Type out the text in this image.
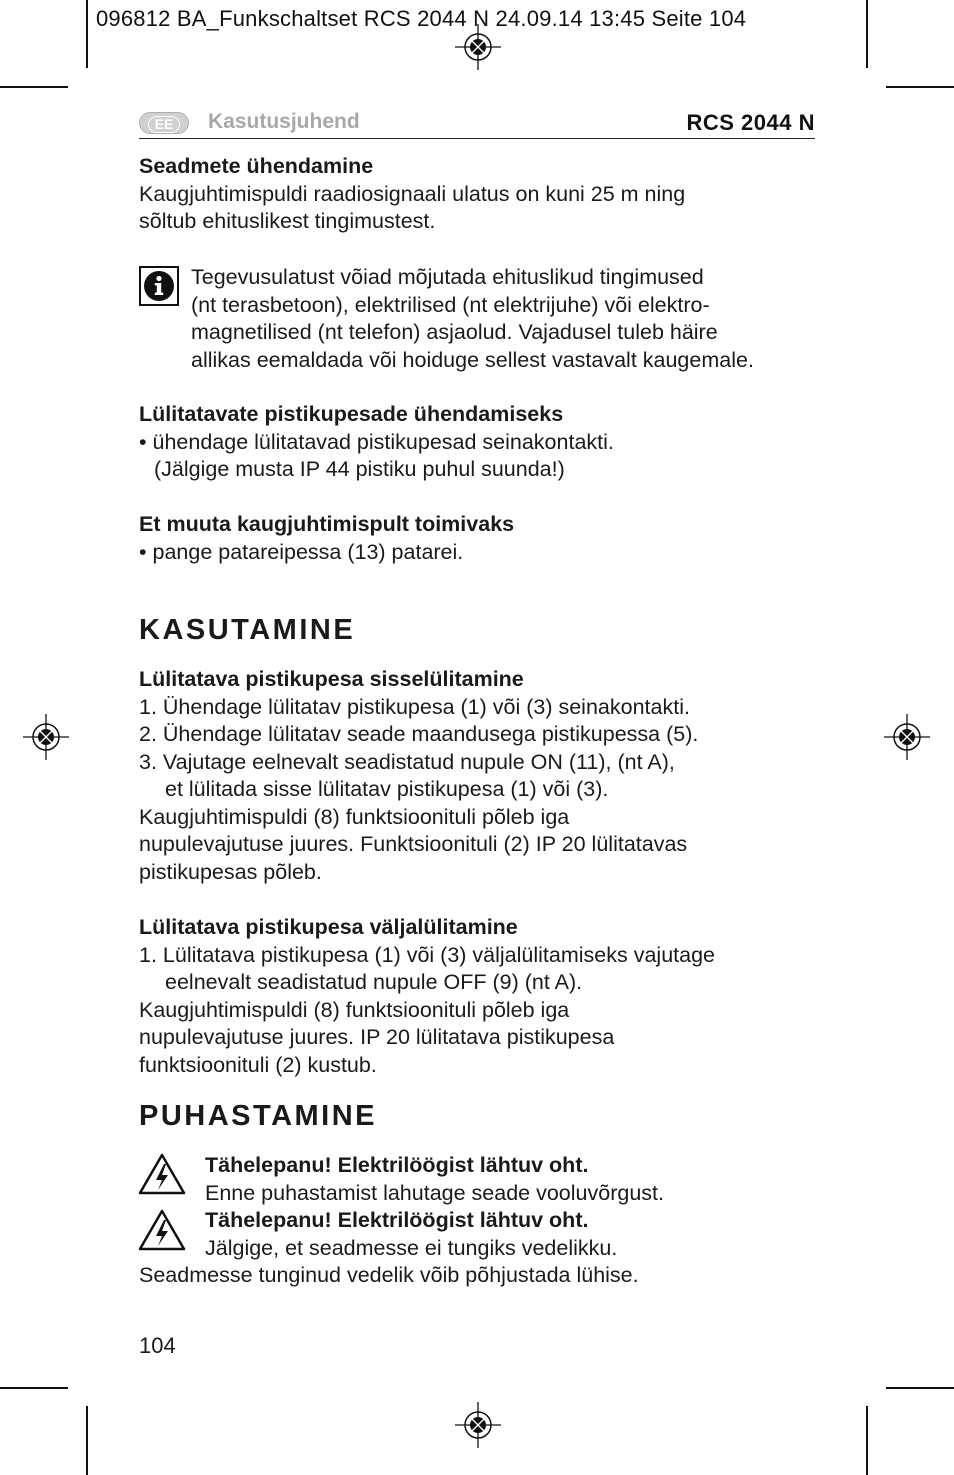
096812 BA_Funkschaltset RCS 2044 N 24.09.14 13:45 Seite 104
EE	Kasutusjuhend	RCS 2044 N

Seadmete ühendamine

Kaugjuhtimispuldi raadiosignaali ulatus on kuni 25 m ning

sõltub ehituslikest tingimustest.

Tegevusulatust võiad mõjutada ehituslikud tingimused

(nt terasbetoon), elektrilised (nt elektrijuhe) või elektro-

magnetilised (nt telefon) asjaolud. Vajadusel tuleb häire

allikas eemaldada või hoiduge sellest vastavalt kaugemale.

Lülitatavate pistikupesade ühendamiseks

• ühendage lülitatavad pistikupesad seinakontakti.

(Jälgige musta IP 44 pistiku puhul suunda!)

Et muuta kaugjuhtimispult toimivaks

• pange patareipessa (13) patarei.

KASUTAMINE

Lülitatava pistikupesa sisselülitamine

1. Ühendage lülitatav pistikupesa (1) või (3) seinakontakti.

2. Ühendage lülitatav seade maandusega pistikupessa (5).

3. Vajutage eelnevalt seadistatud nupule ON (11), (nt A),

et lülitada sisse lülitatav pistikupesa (1) või (3).

Kaugjuhtimispuldi (8) funktsioonituli põleb iga

nupulevajutuse juures. Funktsioonituli (2) IP 20 lülitatavas

pistikupesas põleb.

Lülitatava pistikupesa väljalülitamine

1. Lülitatava pistikupesa (1) või (3) väljalülitamiseks vajutage

eelnevalt seadistatud nupule OFF (9) (nt A).

Kaugjuhtimispuldi (8) funktsioonituli põleb iga

nupulevajutuse juures. IP 20 lülitatava pistikupesa

funktsioonituli (2) kustub.

PUHASTAMINE

Tähelepanu! Elektrilöögist lähtuv oht.

Enne puhastamist lahutage seade vooluvõrgust.

Tähelepanu! Elektrilöögist lähtuv oht.

Jälgige, et seadmesse ei tungiks vedelikku.

Seadmesse tunginud vedelik võib põhjustada lühise.

104
